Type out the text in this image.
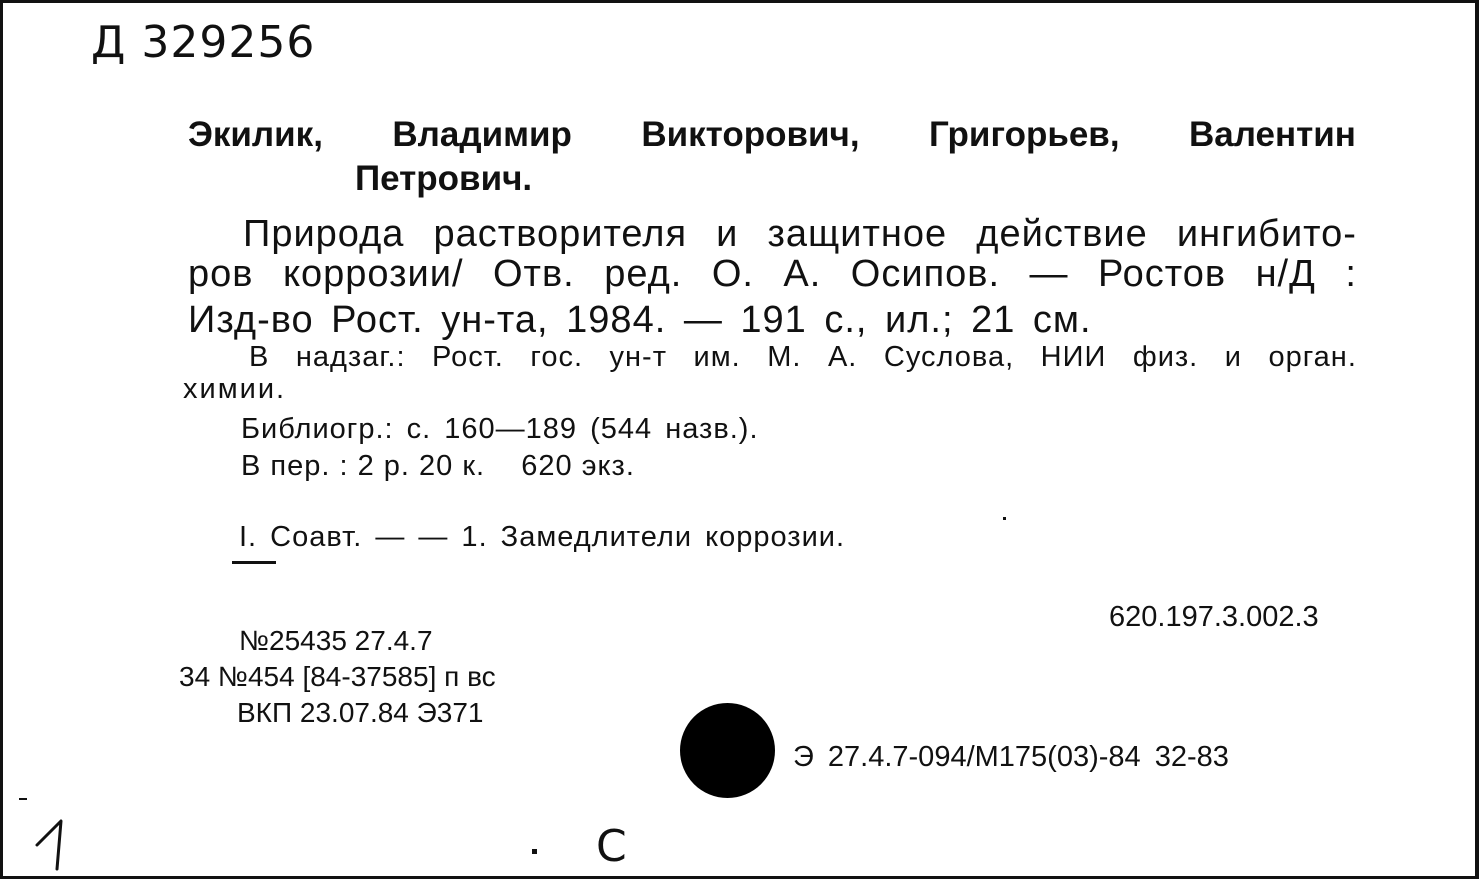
Д 329256
Экилик, Владимир Викторович, Григорьев, Валентин
Петрович.
Природа растворителя и защитное действие ингибито-
ров коррозии/ Отв. ред. О. А. Осипов. — Ростов н/Д :
Изд-во Рост. ун-та, 1984. — 191 с., ил.; 21 см.
В надзаг.: Рост. гос. ун-т им. М. А. Суслова, НИИ физ. и орган.
химии.
Библиогр.: с. 160—189 (544 назв.).
В пер. : 2 р. 20 к.    620 экз.
I. Соавт. — — 1. Замедлители коррозии.
620.197.3.002.3
№25435 27.4.7
34 №454 [84-37585] п вс
ВКП 23.07.84 Э371
Э 27.4.7-094/М175(03)-84 32-83
С
